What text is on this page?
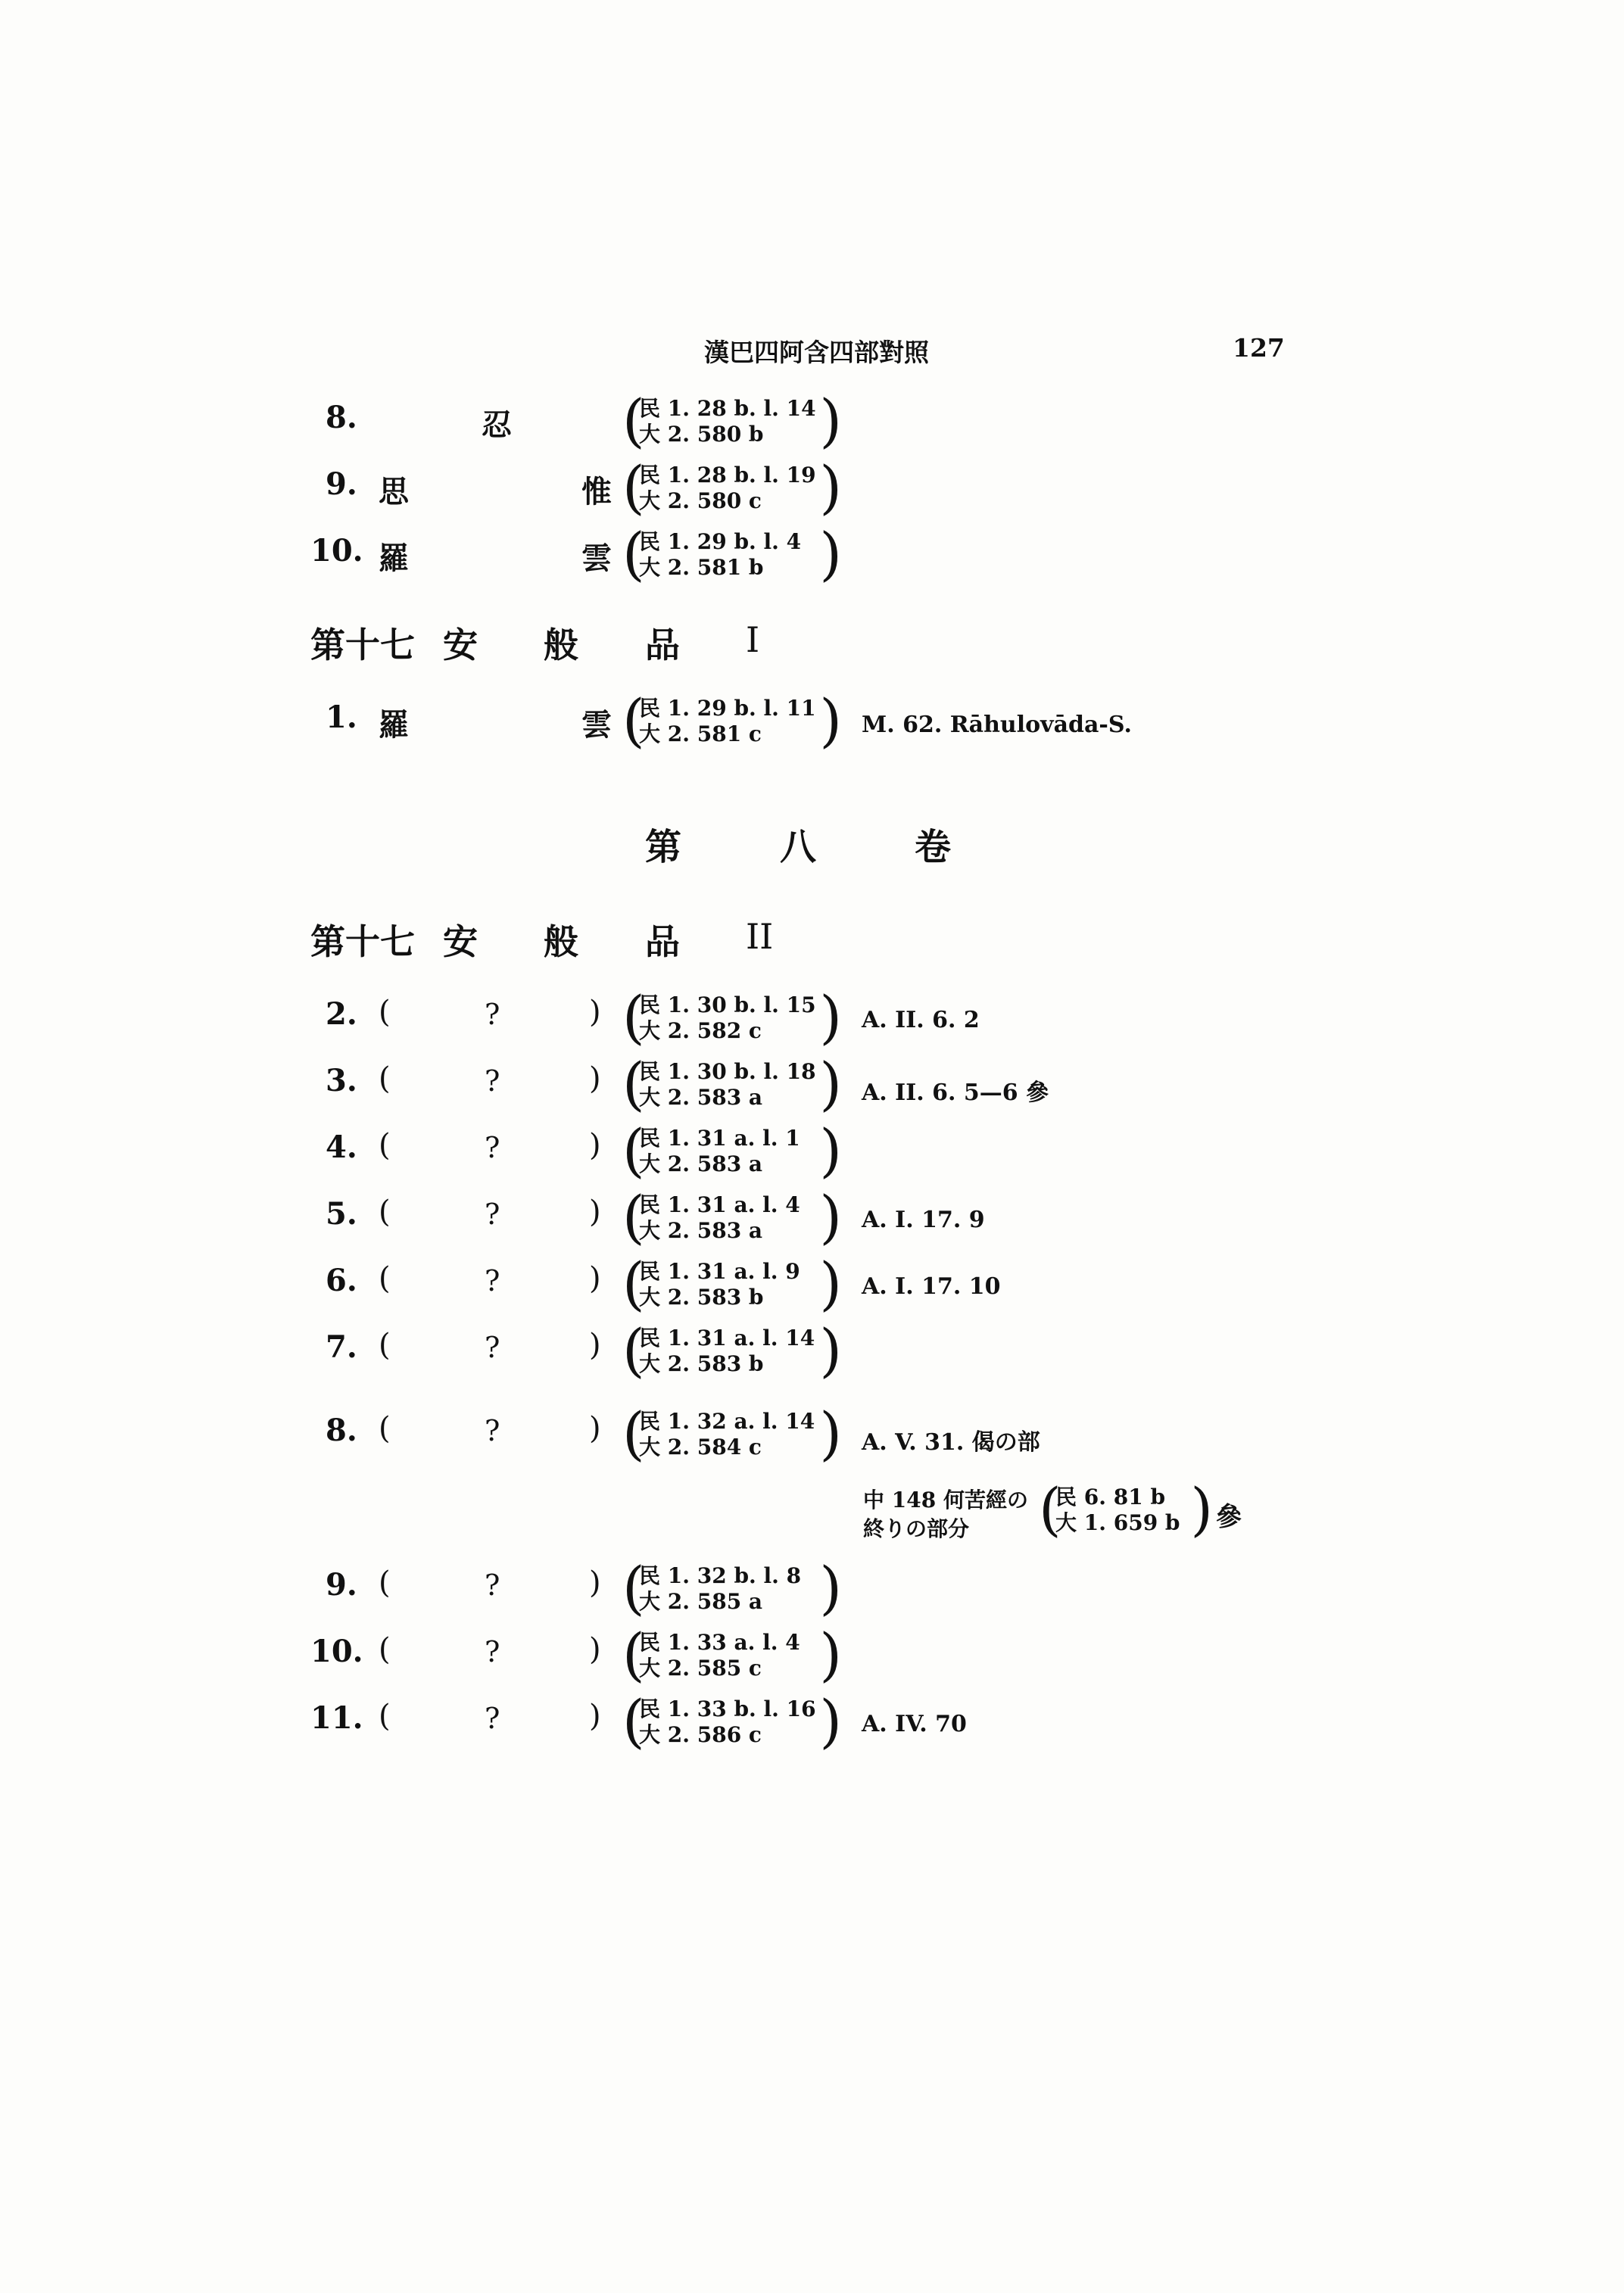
漢巴四阿含四部對照	127
8.	忍 (
民 1. 28 b. l. 14
大 2. 580 b )
9. 思	惟 (
民 1. 28 b. l. 19
大 2. 580 c )
10. 羅	雲 (
民 1. 29 b. l. 4
大 2. 581 b )
第十七 安 般 品 I
1. 羅	雲 (
民 1. 29 b. l. 11
大 2. 581 c ) M. 62. Rāhulovāda-S.
第	八	卷
第十七 安 般 品 II
2. (	?	) (
民 1. 30 b. l. 15
大 2. 582 c ) A. II. 6. 2
3. (	?	) (
民 1. 30 b. l. 18
大 2. 583 a ) A. II. 6. 5—6 參
4. (	?	) (
民 1. 31 a. l. 1
大 2. 583 a )
5. (	?	) (
民 1. 31 a. l. 4
大 2. 583 a ) A. I. 17. 9
6. (	?	) (
民 1. 31 a. l. 9
大 2. 583 b ) A. I. 17. 10
7. (	?	) (
民 1. 31 a. l. 14
大 2. 583 b )
8. (	?	) (
民 1. 32 a. l. 14
大 2. 584 c ) A. V. 31. 偈の部
中 148 何苦經の
終りの部分 (
民 6. 81 b
大 1. 659 b ) 參
9. (	?	) (
民 1. 32 b. l. 8
大 2. 585 a )
10. (	?	) (
民 1. 33 a. l. 4
大 2. 585 c )
11. (	?	) (
民 1. 33 b. l. 16
大 2. 586 c ) A. IV. 70
